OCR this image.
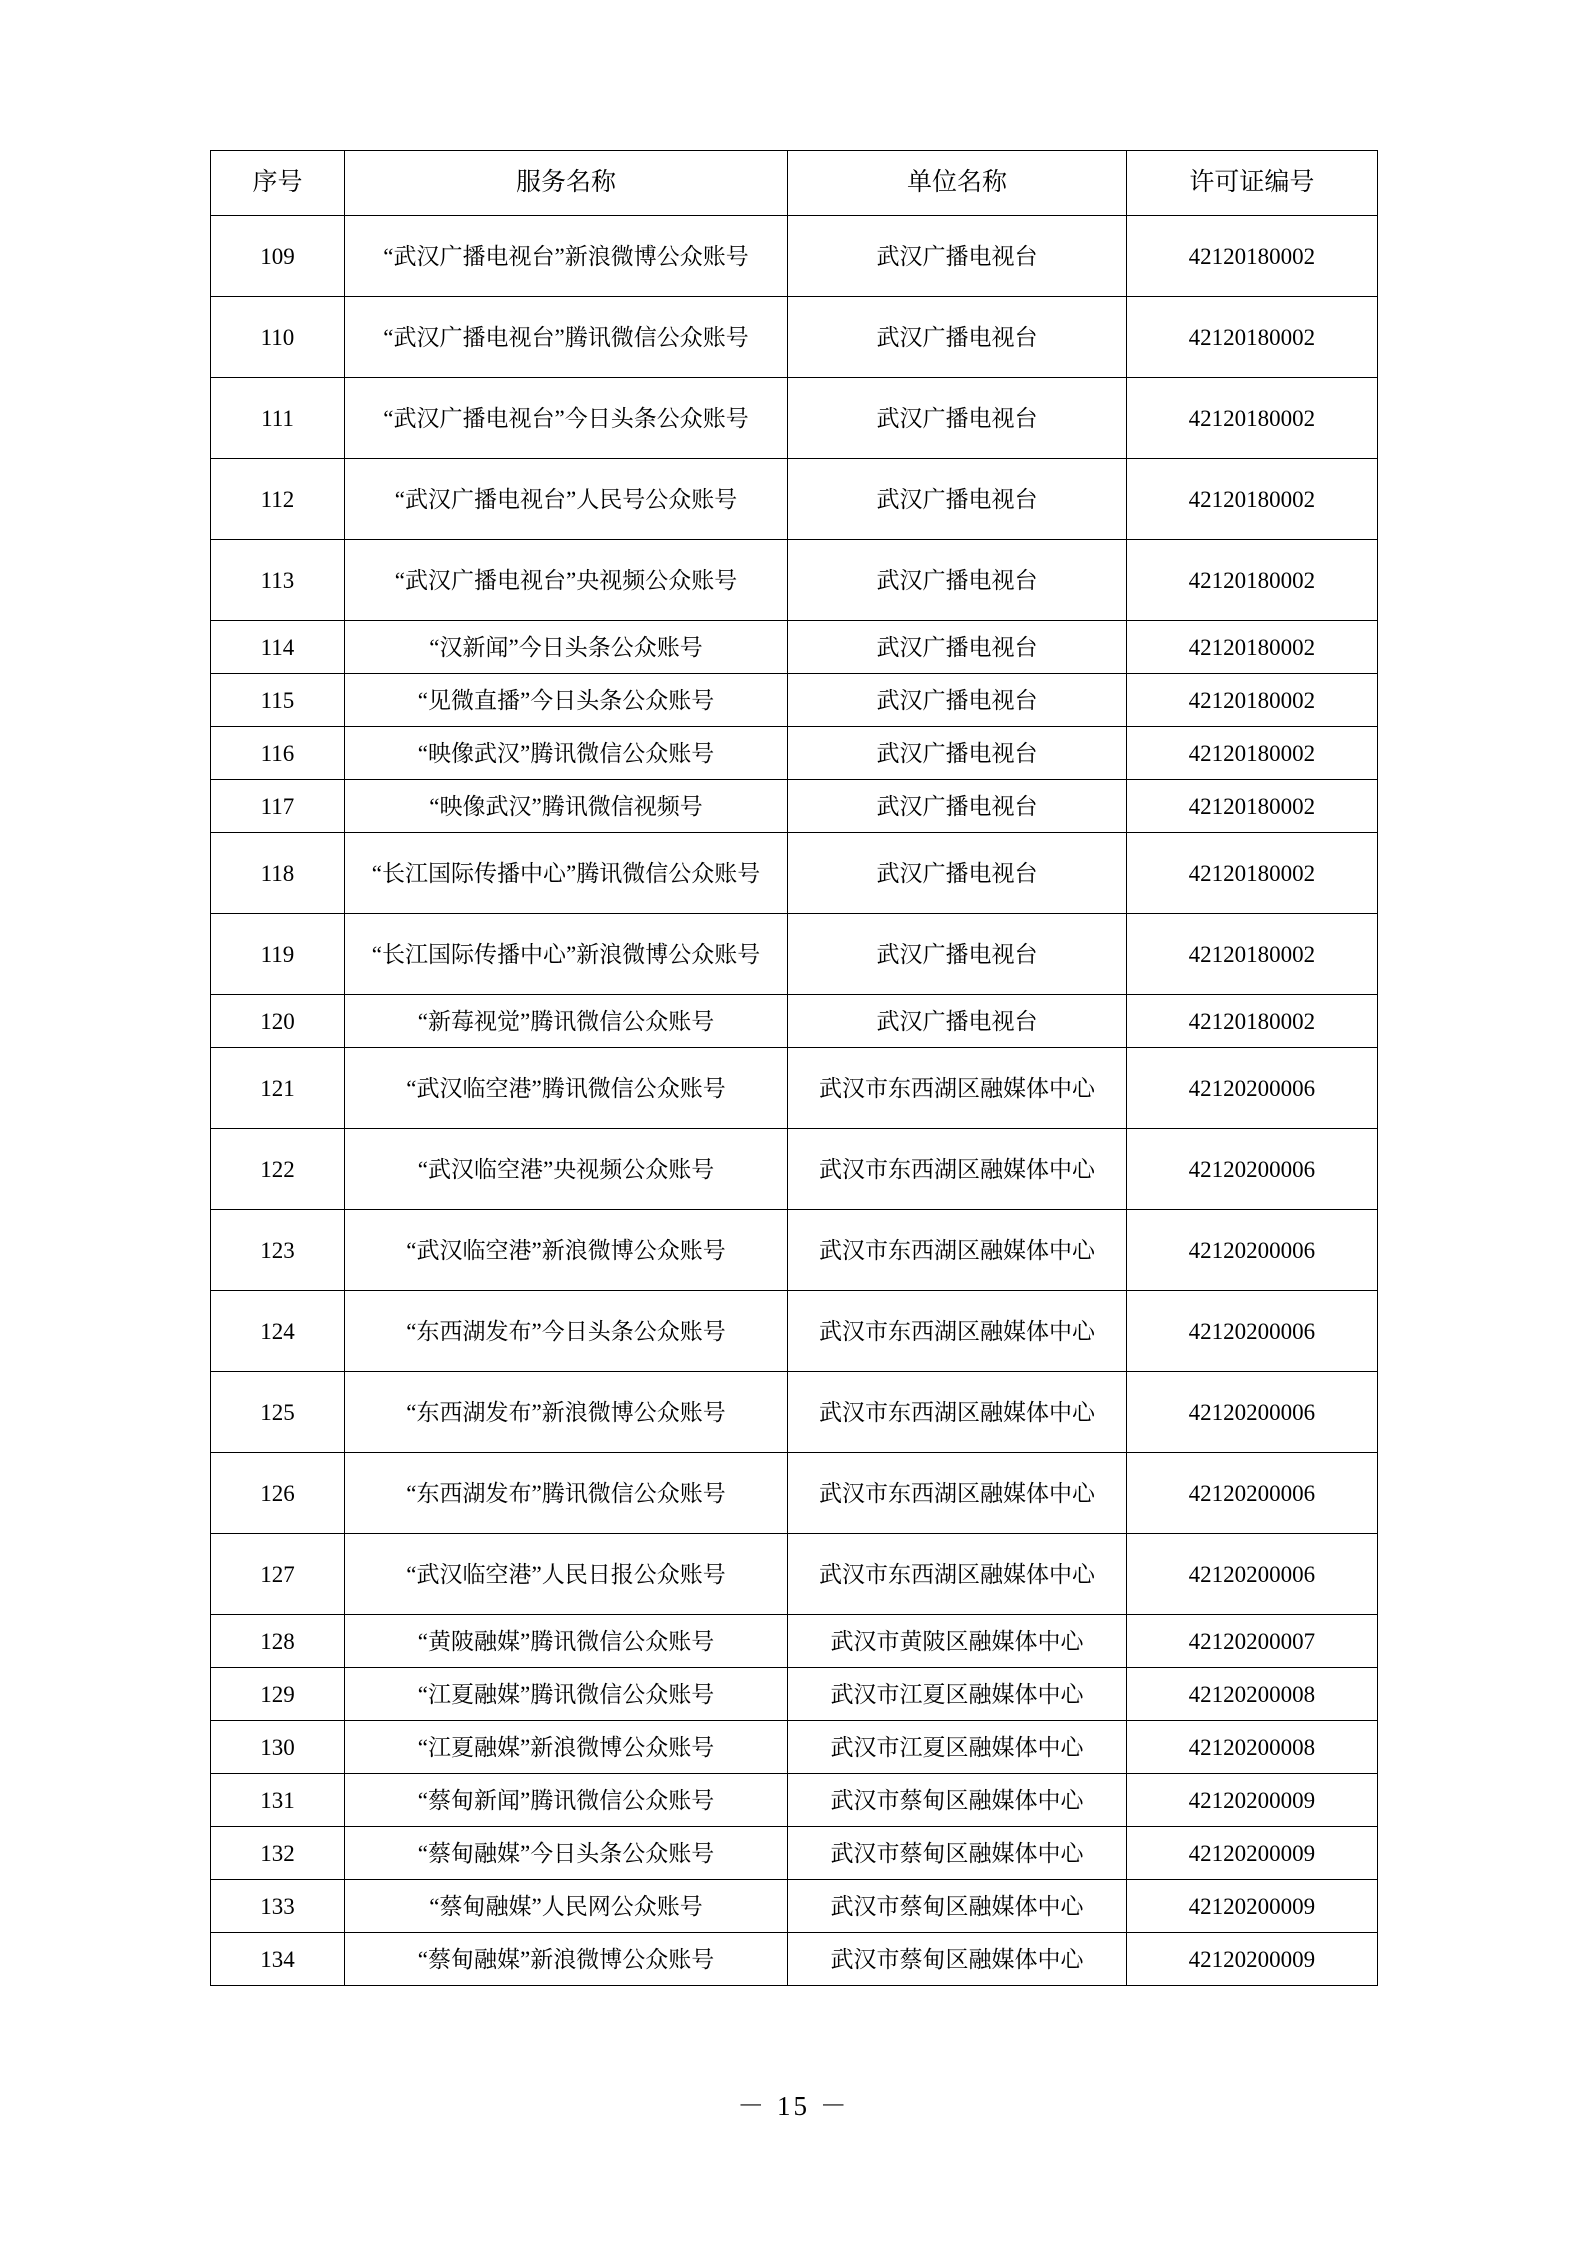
序号	服务名称	单位名称	许可证编号
109	“武汉广播电视台”新浪微博公众账号	武汉广播电视台	42120180002
110	“武汉广播电视台”腾讯微信公众账号	武汉广播电视台	42120180002
111	“武汉广播电视台”今日头条公众账号	武汉广播电视台	42120180002
112	“武汉广播电视台”人民号公众账号	武汉广播电视台	42120180002
113	“武汉广播电视台”央视频公众账号	武汉广播电视台	42120180002
114	“汉新闻”今日头条公众账号	武汉广播电视台	42120180002
115	“见微直播”今日头条公众账号	武汉广播电视台	42120180002
116	“映像武汉”腾讯微信公众账号	武汉广播电视台	42120180002
117	“映像武汉”腾讯微信视频号	武汉广播电视台	42120180002
118	“长江国际传播中心”腾讯微信公众账号	武汉广播电视台	42120180002
119	“长江国际传播中心”新浪微博公众账号	武汉广播电视台	42120180002
120	“新莓视觉”腾讯微信公众账号	武汉广播电视台	42120180002
121	“武汉临空港”腾讯微信公众账号	武汉市东西湖区融媒体中心	42120200006
122	“武汉临空港”央视频公众账号	武汉市东西湖区融媒体中心	42120200006
123	“武汉临空港”新浪微博公众账号	武汉市东西湖区融媒体中心	42120200006
124	“东西湖发布”今日头条公众账号	武汉市东西湖区融媒体中心	42120200006
125	“东西湖发布”新浪微博公众账号	武汉市东西湖区融媒体中心	42120200006
126	“东西湖发布”腾讯微信公众账号	武汉市东西湖区融媒体中心	42120200006
127	“武汉临空港”人民日报公众账号	武汉市东西湖区融媒体中心	42120200006
128	“黄陂融媒”腾讯微信公众账号	武汉市黄陂区融媒体中心	42120200007
129	“江夏融媒”腾讯微信公众账号	武汉市江夏区融媒体中心	42120200008
130	“江夏融媒”新浪微博公众账号	武汉市江夏区融媒体中心	42120200008
131	“蔡甸新闻”腾讯微信公众账号	武汉市蔡甸区融媒体中心	42120200009
132	“蔡甸融媒”今日头条公众账号	武汉市蔡甸区融媒体中心	42120200009
133	“蔡甸融媒”人民网公众账号	武汉市蔡甸区融媒体中心	42120200009
134	“蔡甸融媒”新浪微博公众账号	武汉市蔡甸区融媒体中心	42120200009
－ 15 －
